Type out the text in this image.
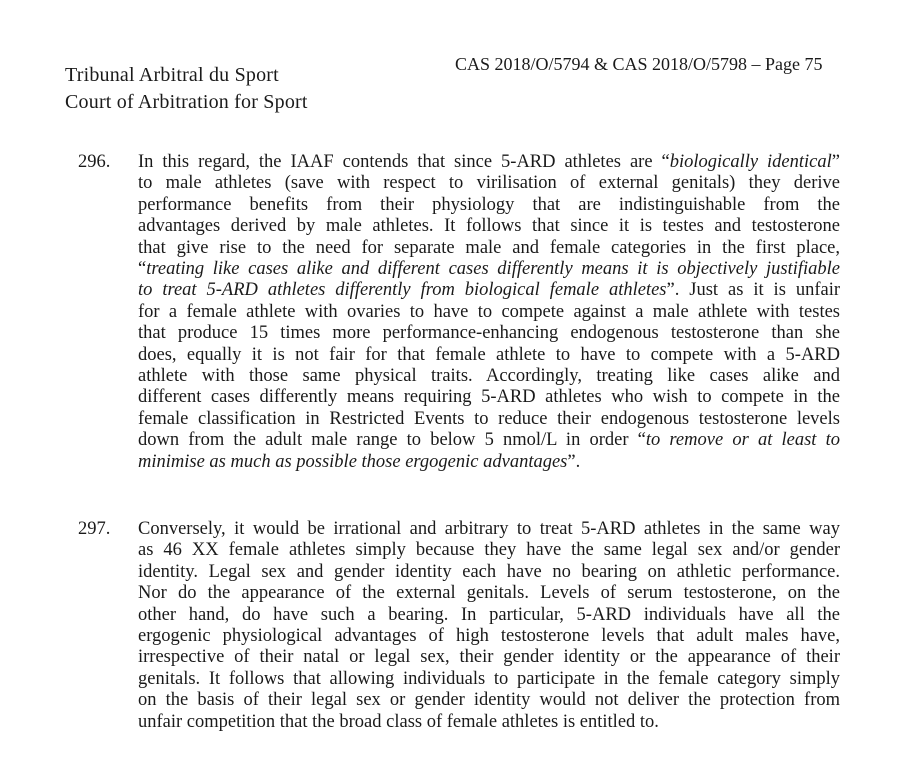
Tribunal Arbitral du Sport
Court of Arbitration for Sport
CAS 2018/O/5794 & CAS 2018/O/5798 – Page 75
296. In this regard, the IAAF contends that since 5-ARD athletes are “biologically identical”
to male athletes (save with respect to virilisation of external genitals) they derive
performance benefits from their physiology that are indistinguishable from the
advantages derived by male athletes. It follows that since it is testes and testosterone
that give rise to the need for separate male and female categories in the first place,
“treating like cases alike and different cases differently means it is objectively justifiable
to treat 5-ARD athletes differently from biological female athletes”. Just as it is unfair
for a female athlete with ovaries to have to compete against a male athlete with testes
that produce 15 times more performance-enhancing endogenous testosterone than she
does, equally it is not fair for that female athlete to have to compete with a 5-ARD
athlete with those same physical traits. Accordingly, treating like cases alike and
different cases differently means requiring 5-ARD athletes who wish to compete in the
female classification in Restricted Events to reduce their endogenous testosterone levels
down from the adult male range to below 5 nmol/L in order “to remove or at least to
minimise as much as possible those ergogenic advantages”.
297. Conversely, it would be irrational and arbitrary to treat 5-ARD athletes in the same way
as 46 XX female athletes simply because they have the same legal sex and/or gender
identity. Legal sex and gender identity each have no bearing on athletic performance.
Nor do the appearance of the external genitals. Levels of serum testosterone, on the
other hand, do have such a bearing. In particular, 5-ARD individuals have all the
ergogenic physiological advantages of high testosterone levels that adult males have,
irrespective of their natal or legal sex, their gender identity or the appearance of their
genitals. It follows that allowing individuals to participate in the female category simply
on the basis of their legal sex or gender identity would not deliver the protection from
unfair competition that the broad class of female athletes is entitled to.
